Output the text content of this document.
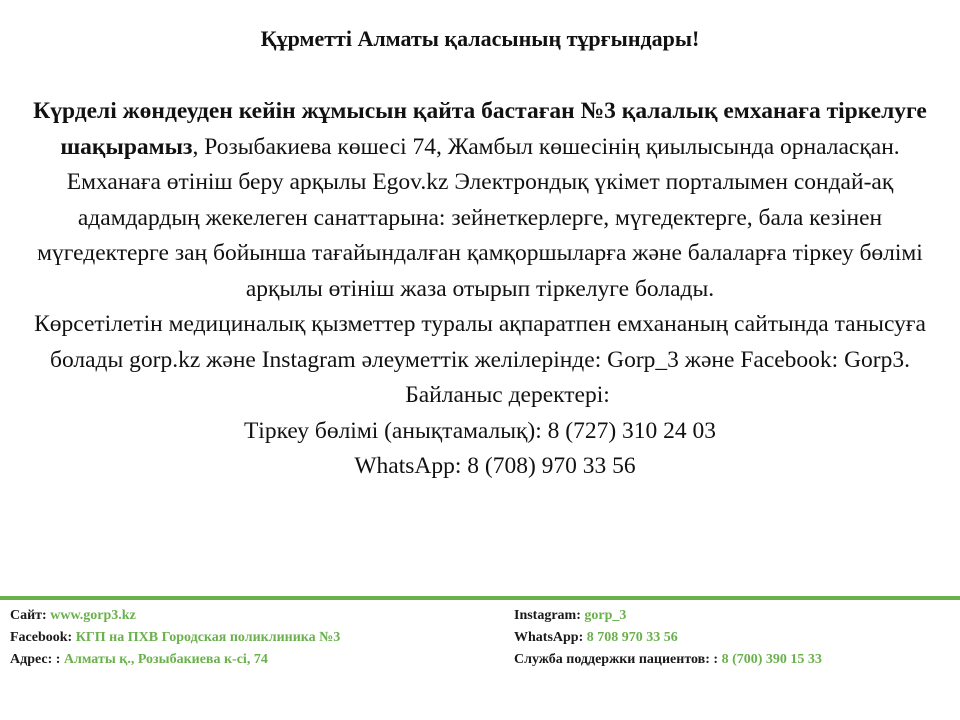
Құрметті Алматы қаласының тұрғындары!
Күрделі жөндеуден кейін жұмысын қайта бастаған №3 қалалық емханаға тіркелуге шақырамыз, Розыбакиева көшесі 74, Жамбыл көшесінің қиылысында орналасқан.
Емханаға өтініш беру арқылы Egov.kz Электрондық үкімет порталымен сондай-ақ адамдардың жекелеген санаттарына: зейнеткерлерге, мүгедектерге, бала кезінен мүгедектерге заң бойынша тағайындалған қамқоршыларға және балаларға тіркеу бөлімі арқылы өтініш жаза отырып тіркелуге болады.
Көрсетілетін медициналық қызметтер туралы ақпаратпен емхананың сайтында танысуға болады gorp.kz және Instagram әлеуметтік желілерінде: Gorp_3 және Facebook: Gorp3.
Байланыс деректері:
Тіркеу бөлімі (анықтамалық): 8 (727) 310 24 03
WhatsApp: 8 (708) 970 33 56
Сайт: www.gorp3.kz
Facebook: КГП на ПХВ Городская поликлиника №3
Адрес: : Алматы қ., Розыбакиева к-сі, 74
Instagram: gorp_3
WhatsApp: 8 708 970 33 56
Служба поддержки пациентов: : 8 (700) 390 15 33
